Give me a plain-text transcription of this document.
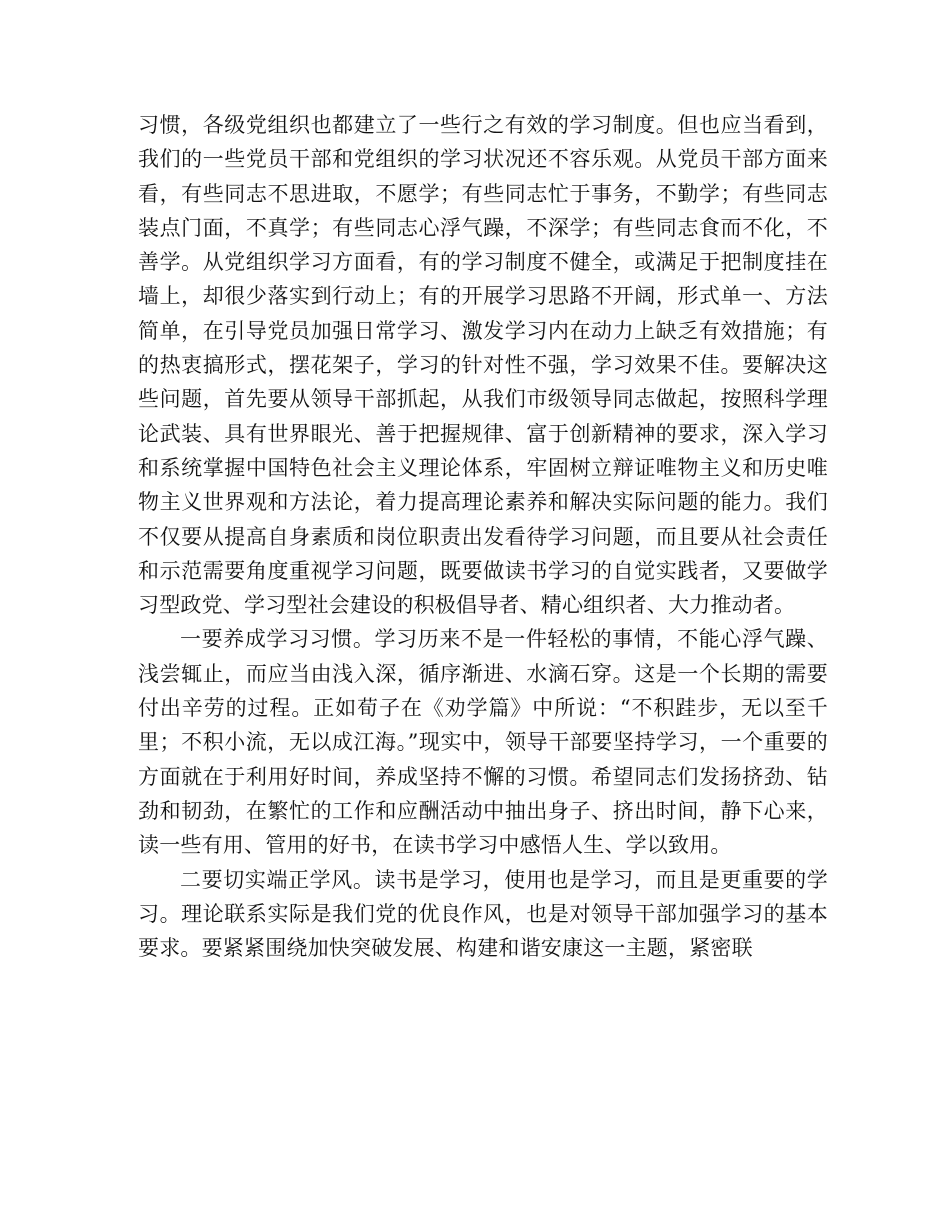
习惯，各级党组织也都建立了一些行之有效的学习制度。但也应当看到，我们的一些党员干部和党组织的学习状况还不容乐观。从党员干部方面来看，有些同志不思进取，不愿学；有些同志忙于事务，不勤学；有些同志装点门面，不真学；有些同志心浮气躁，不深学；有些同志食而不化，不善学。从党组织学习方面看，有的学习制度不健全，或满足于把制度挂在墙上，却很少落实到行动上；有的开展学习思路不开阔，形式单一、方法简单，在引导党员加强日常学习、激发学习内在动力上缺乏有效措施；有的热衷搞形式，摆花架子，学习的针对性不强，学习效果不佳。要解决这些问题，首先要从领导干部抓起，从我们市级领导同志做起，按照科学理论武装、具有世界眼光、善于把握规律、富于创新精神的要求，深入学习和系统掌握中国特色社会主义理论体系，牢固树立辩证唯物主义和历史唯物主义世界观和方法论，着力提高理论素养和解决实际问题的能力。我们不仅要从提高自身素质和岗位职责出发看待学习问题，而且要从社会责任和示范需要角度重视学习问题，既要做读书学习的自觉实践者，又要做学习型政党、学习型社会建设的积极倡导者、精心组织者、大力推动者。

一要养成学习习惯。学习历来不是一件轻松的事情，不能心浮气躁、浅尝辄止，而应当由浅入深，循序渐进、水滴石穿。这是一个长期的需要付出辛劳的过程。正如荀子在《劝学篇》中所说：“不积跬步，无以至千里；不积小流，无以成江海。”现实中，领导干部要坚持学习，一个重要的方面就在于利用好时间，养成坚持不懈的习惯。希望同志们发扬挤劲、钻劲和韧劲，在繁忙的工作和应酬活动中抽出身子、挤出时间，静下心来，读一些有用、管用的好书，在读书学习中感悟人生、学以致用。

二要切实端正学风。读书是学习，使用也是学习，而且是更重要的学习。理论联系实际是我们党的优良作风，也是对领导干部加强学习的基本要求。要紧紧围绕加快突破发展、构建和谐安康这一主题，紧密联
